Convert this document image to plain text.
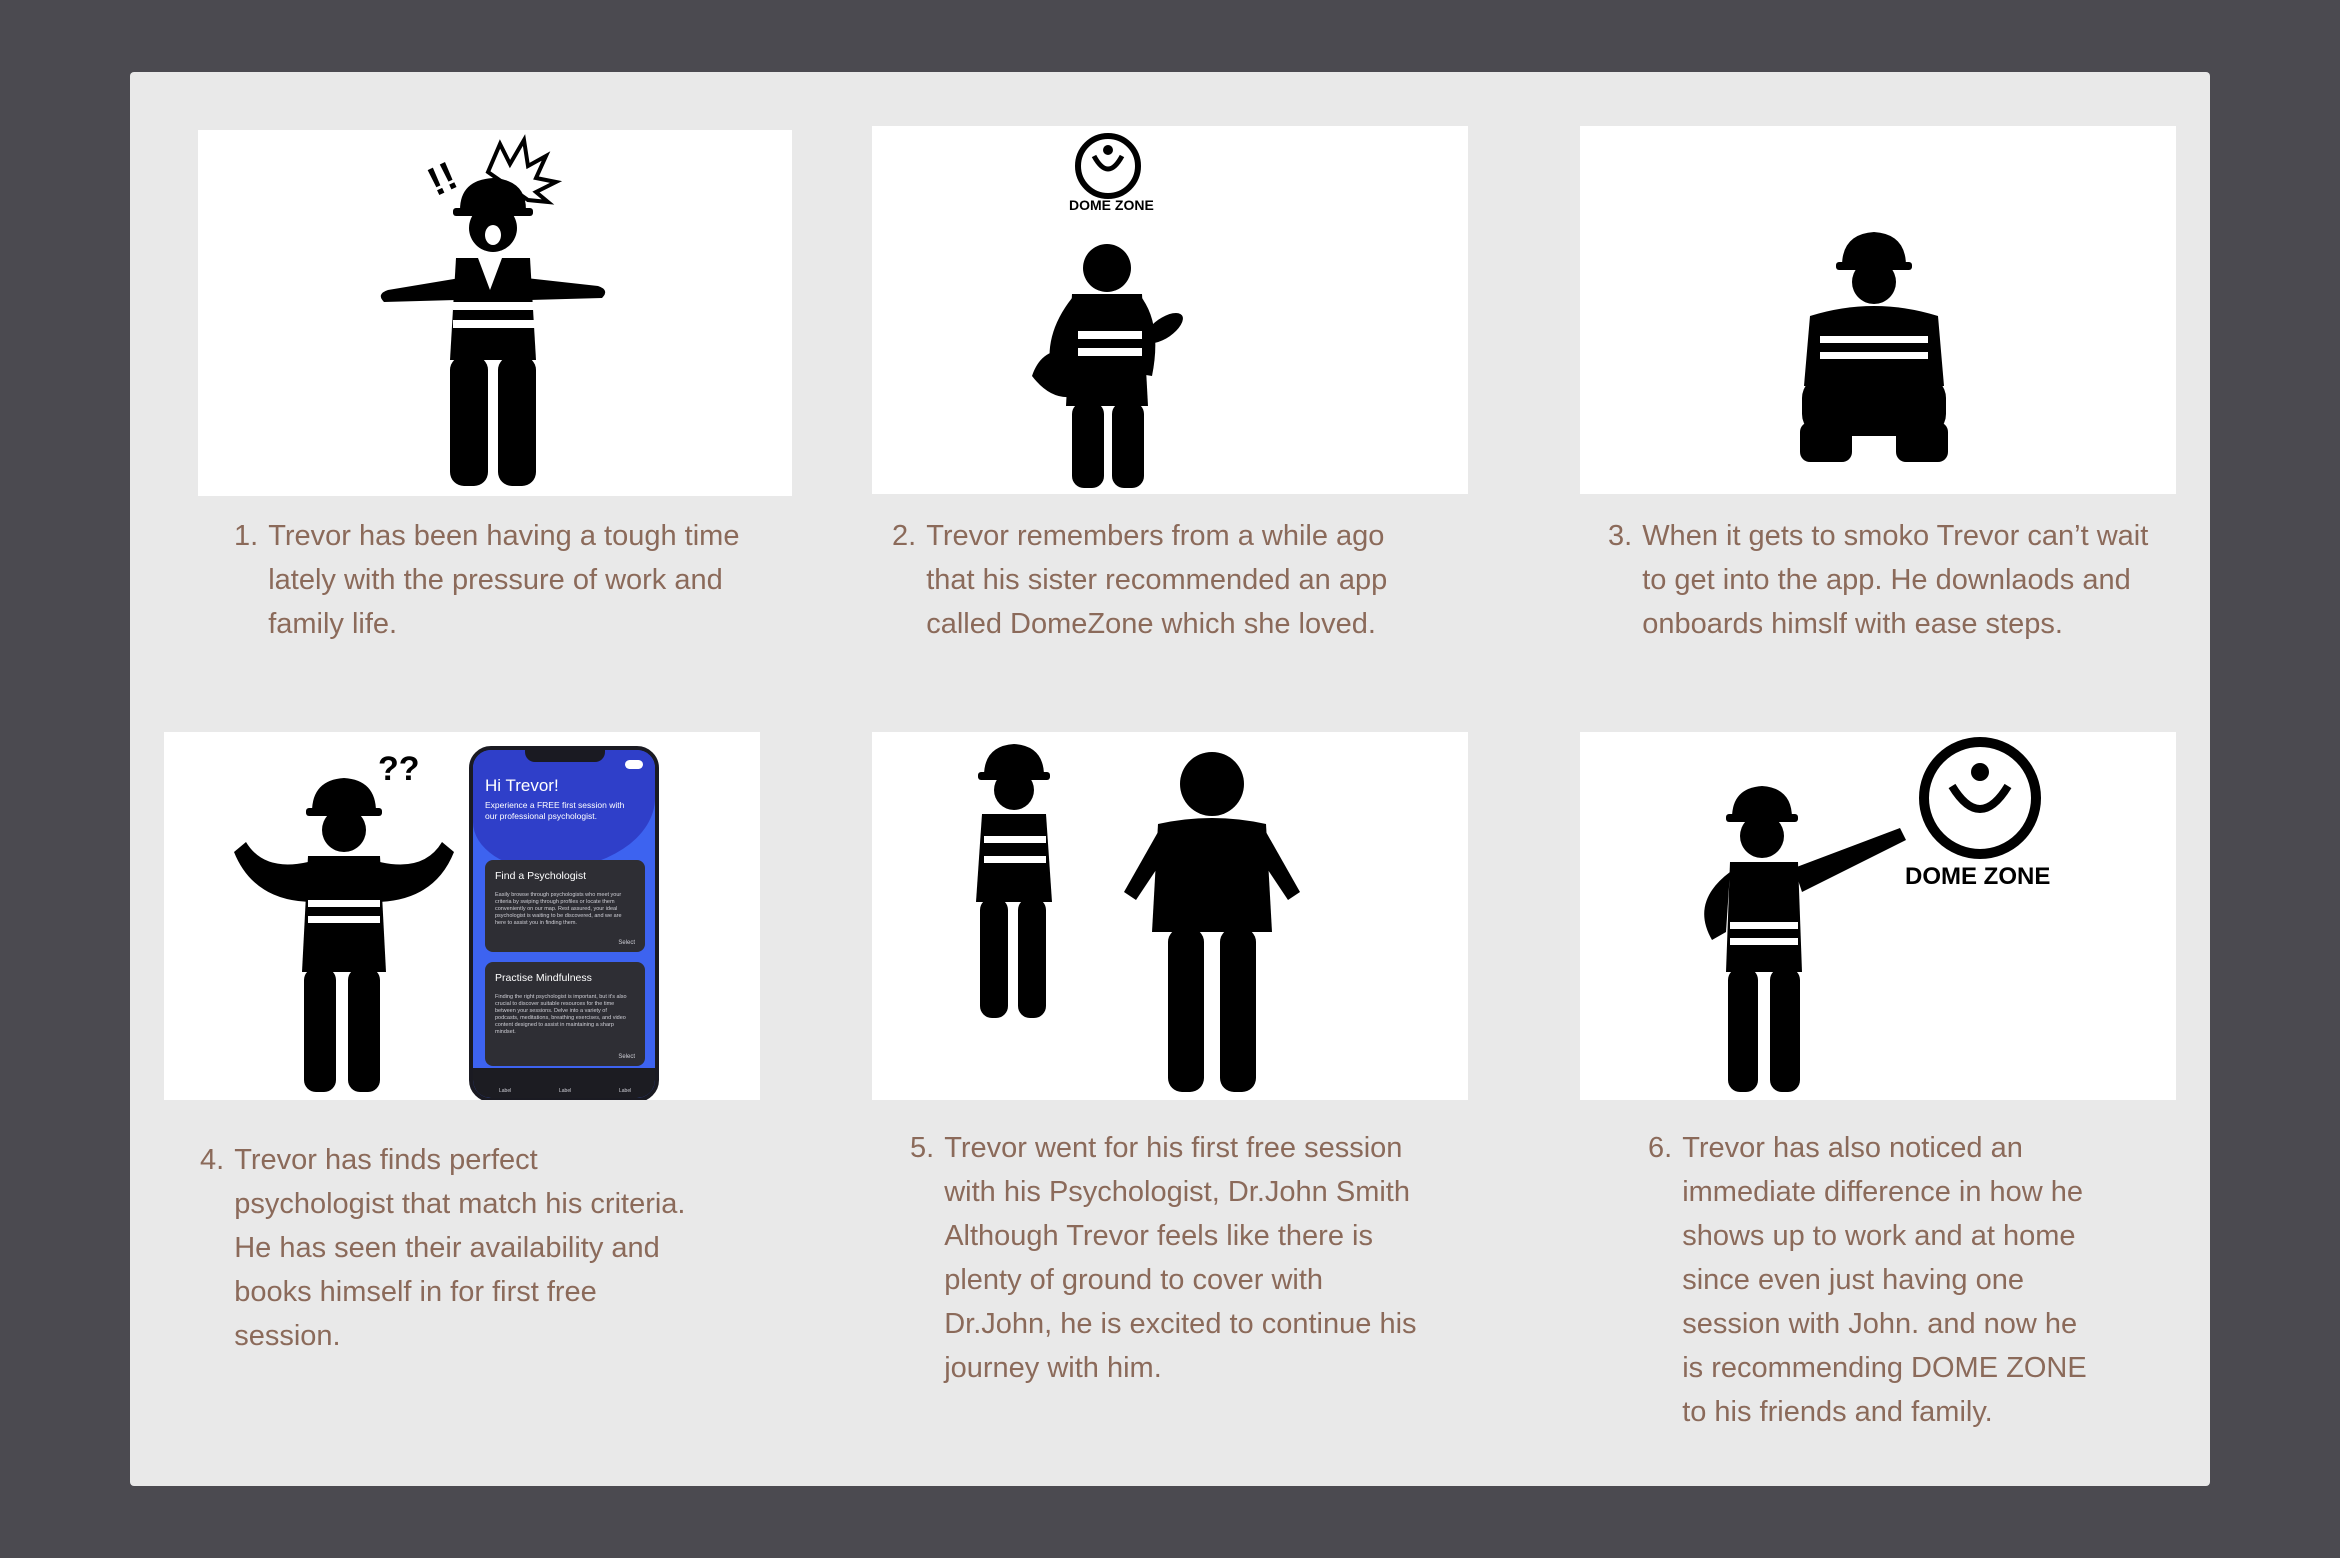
!!
DOME ZONE
??	Hi Trevor!
Experience a FREE first session with our professional psychologist.
Find a Psychologist
Easily browse through psychologists who meet your criteria by swiping through profiles or locate them conveniently on our map. Rest assured, your ideal psychologist is waiting to be discovered, and we are here to assist you in finding them.
Select
Practise Mindfulness
Finding the right psychologist is important, but it's also crucial to discover suitable resources for the time between your sessions. Delve into a variety of podcasts, meditations, breathing exercises, and video content designed to assist in maintaining a sharp mindset.
Select
Label	Label	Label
DOME ZONE
1. Trevor has been having a tough time
lately with the pressure of work and
family life.
2. Trevor remembers from a while ago
that his sister recommended an app
called DomeZone which she loved.
3. When it gets to smoko Trevor can’t wait
to get into the app. He downlaods and
onboards himslf with ease steps.
4. Trevor has finds perfect
psychologist that match his criteria.
He has seen their availability and
books himself in for first free
session.
5. Trevor went for his first free session
with his Psychologist, Dr.John Smith
Although Trevor feels like there is
plenty of ground to cover with
Dr.John, he is excited to continue his
journey with him.
6. Trevor has also noticed an
immediate difference in how he
shows up to work and at home
since even just having one
session with John. and now he
is recommending DOME ZONE
to his friends and family.
